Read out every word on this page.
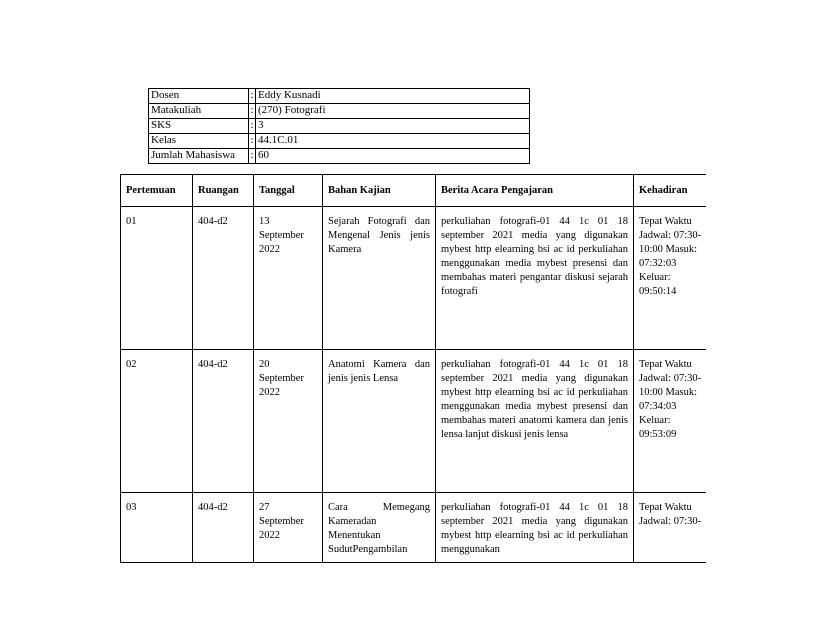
Dosen	:	Eddy Kusnadi
Matakuliah	:	(270) Fotografi
SKS	:	3
Kelas	:	44.1C.01
Jumlah Mahasiswa	:	60
Pertemuan	Ruangan	Tanggal	Bahan Kajian	Berita Acara Pengajaran	Kehadiran
01	404-d2	13 September 2022	Sejarah Fotografi dan Mengenal Jenis jenis Kamera	perkuliahan fotografi-01 44 1c 01 18 september 2021 media yang digunakan mybest http elearning bsi ac id perkuliahan menggunakan media mybest presensi dan membahas materi pengantar diskusi sejarah fotografi	Tepat Waktu Jadwal: 07:30-10:00 Masuk: 07:32:03 Keluar: 09:50:14
02	404-d2	20 September 2022	Anatomi Kamera dan jenis jenis Lensa	perkuliahan fotografi-01 44 1c 01 18 september 2021 media yang digunakan mybest http elearning bsi ac id perkuliahan menggunakan media mybest presensi dan membahas materi anatomi kamera dan jenis lensa lanjut diskusi jenis lensa	Tepat Waktu Jadwal: 07:30-10:00 Masuk: 07:34:03 Keluar: 09:53:09
03	404-d2	27 September 2022	Cara Memegang Kameradan Menentukan SudutPengambilan	perkuliahan fotografi-01 44 1c 01 18 september 2021 media yang digunakan mybest http elearning bsi ac id perkuliahan menggunakan	Tepat Waktu Jadwal: 07:30-
